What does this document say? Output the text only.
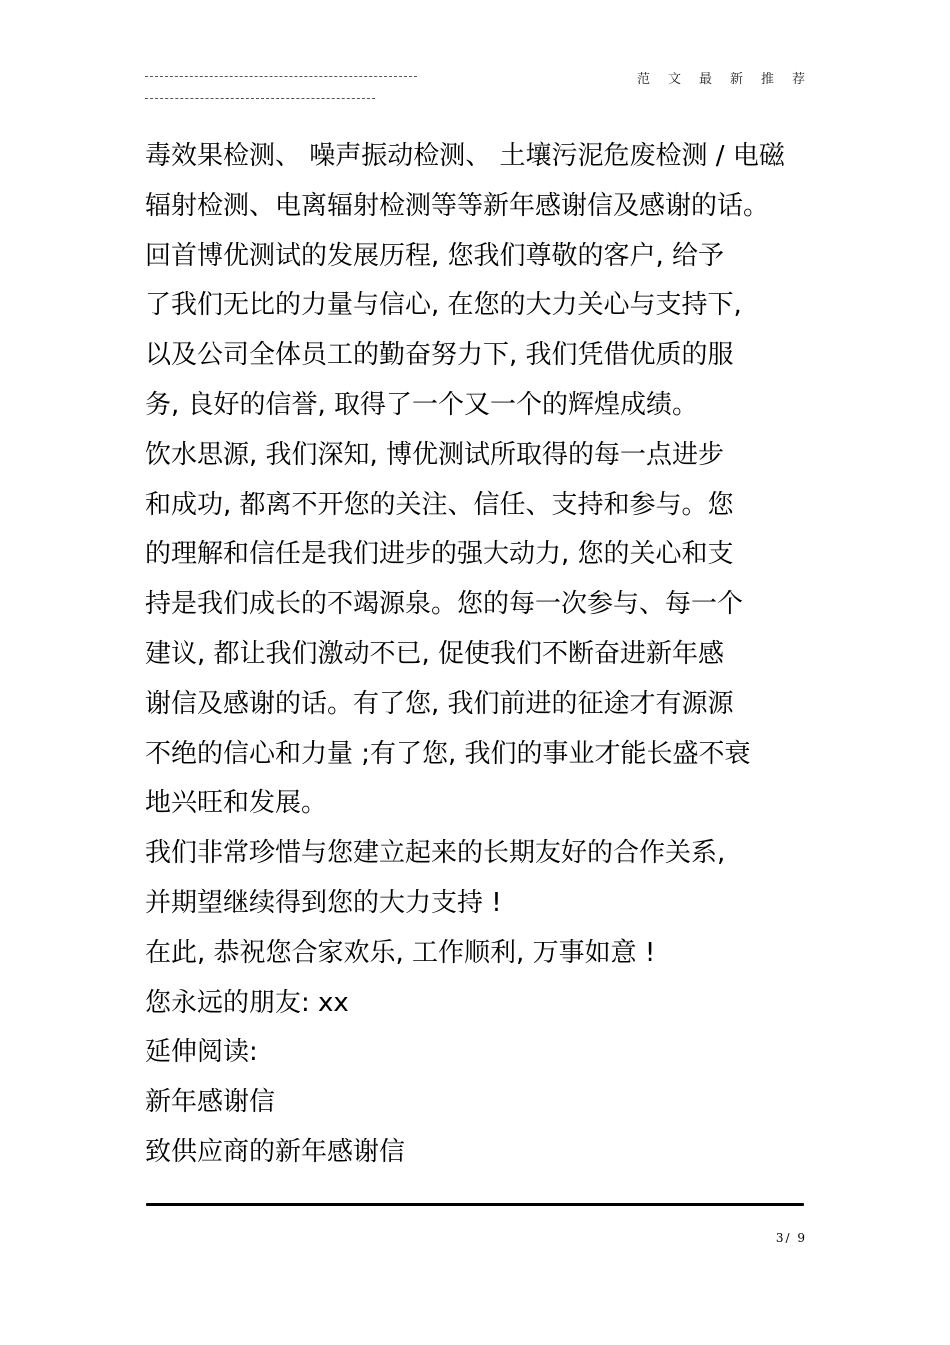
范文最新推荐
毒效果检测、 噪声振动检测、 土壤污泥危废检测 / 电磁
辐射检测、电离辐射检测等等新年感谢信及感谢的话。
回首博优测试的发展历程, 您我们尊敬的客户, 给予
了我们无比的力量与信心, 在您的大力关心与支持下,
以及公司全体员工的勤奋努力下, 我们凭借优质的服
务, 良好的信誉, 取得了一个又一个的辉煌成绩。
饮水思源, 我们深知, 博优测试所取得的每一点进步
和成功, 都离不开您的关注、信任、支持和参与。您
的理解和信任是我们进步的强大动力, 您的关心和支
持是我们成长的不竭源泉。您的每一次参与、每一个
建议, 都让我们激动不已, 促使我们不断奋进新年感
谢信及感谢的话。有了您, 我们前进的征途才有源源
不绝的信心和力量 ;有了您, 我们的事业才能长盛不衰
地兴旺和发展。
我们非常珍惜与您建立起来的长期友好的合作关系,
并期望继续得到您的大力支持 !
在此, 恭祝您合家欢乐, 工作顺利, 万事如意 !
您永远的朋友: xx
延伸阅读:
新年感谢信
致供应商的新年感谢信
3/ 9
